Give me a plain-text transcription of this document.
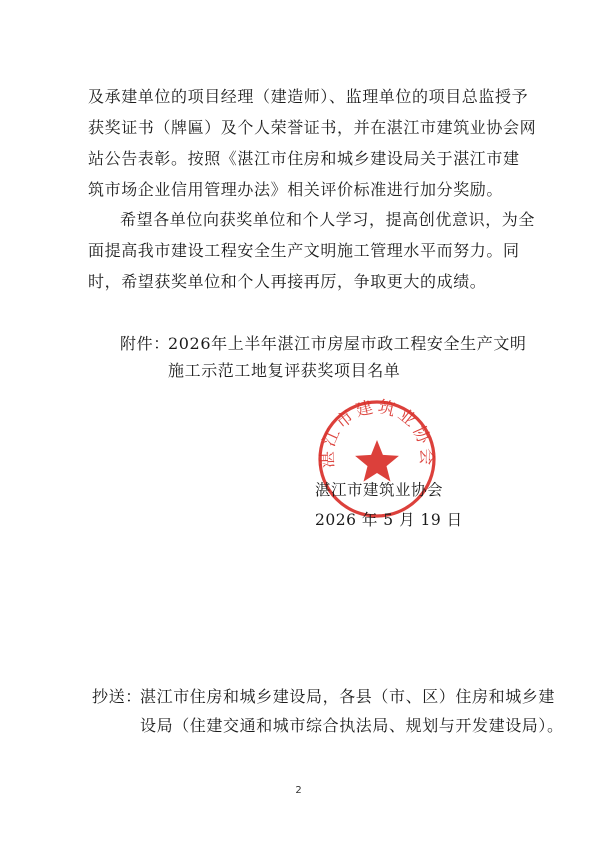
及承建单位的项目经理（建造师）、监理单位的项目总监授予
获奖证书（牌匾）及个人荣誉证书，并在湛江市建筑业协会网
站公告表彰。按照《湛江市住房和城乡建设局关于湛江市建
筑市场企业信用管理办法》相关评价标准进行加分奖励。
希望各单位向获奖单位和个人学习，提高创优意识，为全
面提高我市建设工程安全生产文明施工管理水平而努力。同
时，希望获奖单位和个人再接再厉，争取更大的成绩。
附件：
2026年上半年湛江市房屋市政工程安全生产文明
施工示范工地复评获奖项目名单
湛江市建筑业协会
湛江市建筑业协会
2026 年 5 月 19 日
抄送：
湛江市住房和城乡建设局，各县（市、区）住房和城乡建
设局（住建交通和城市综合执法局、规划与开发建设局）。
2
